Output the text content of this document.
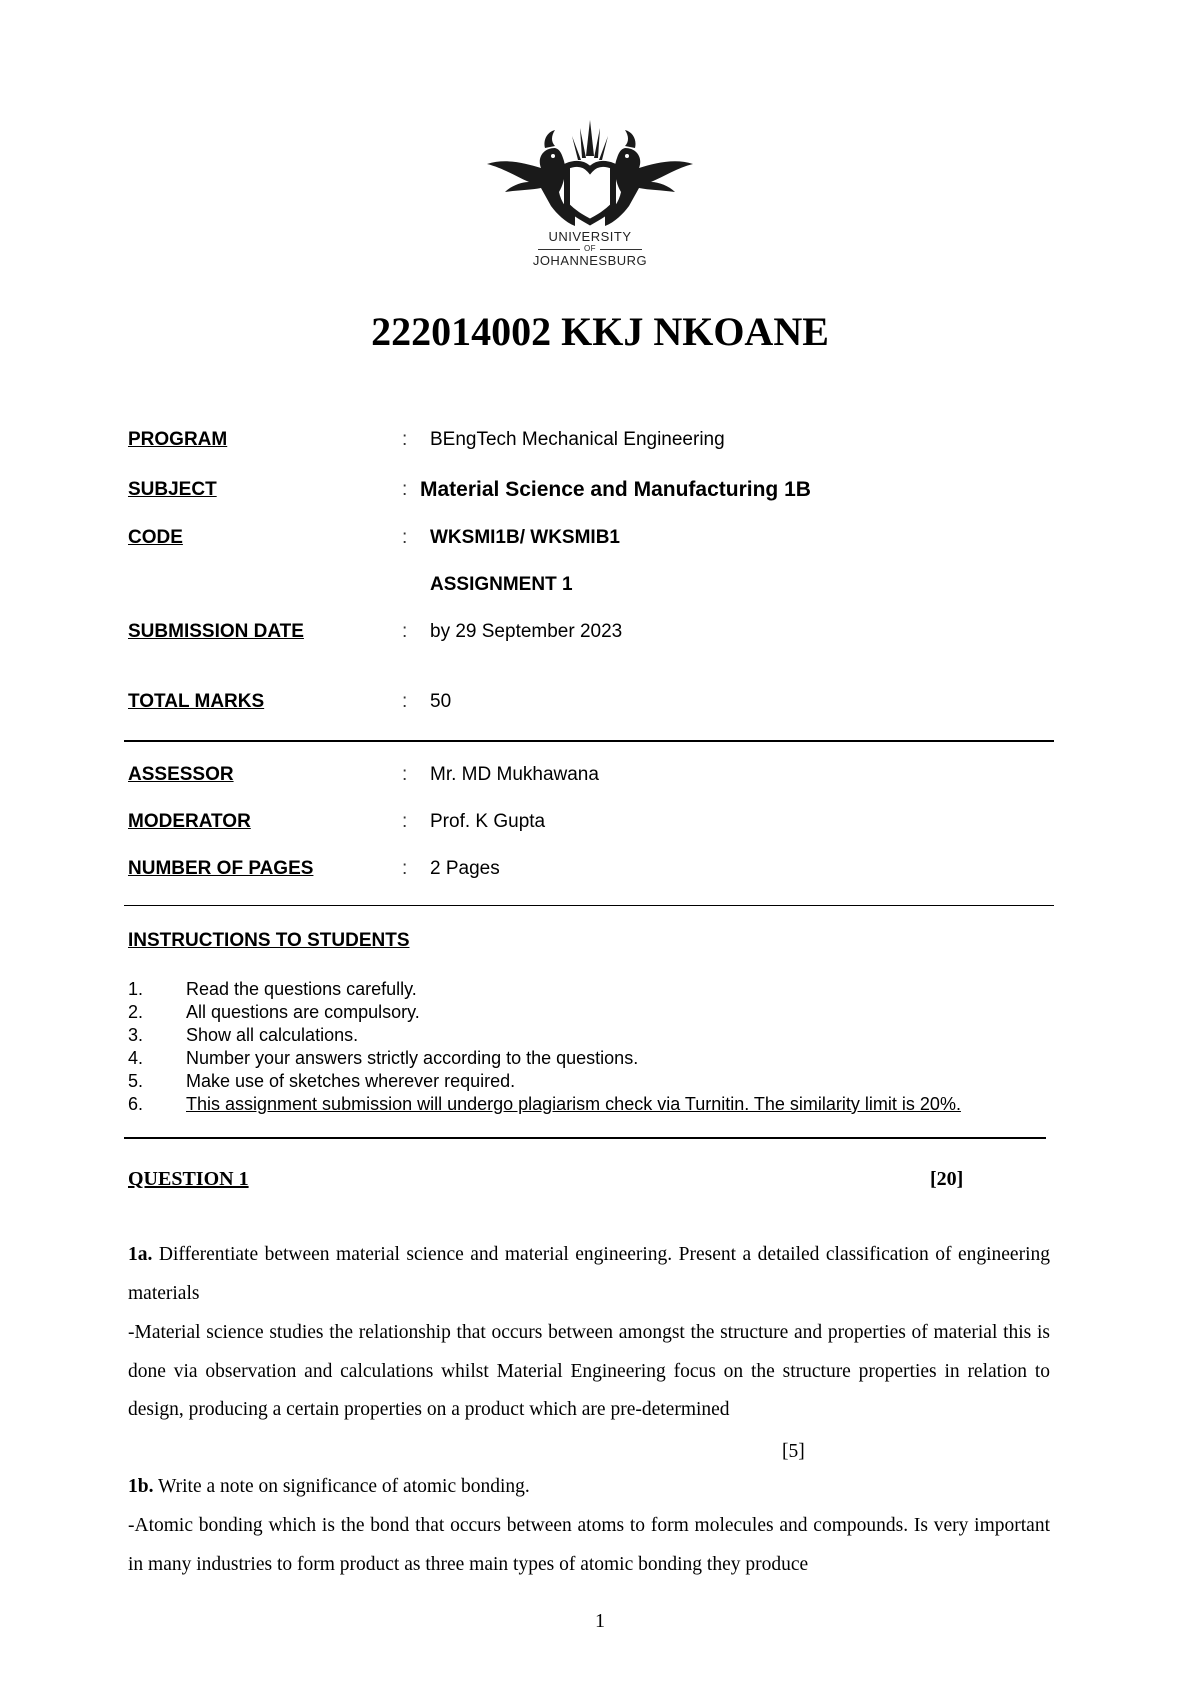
UNIVERSITY
OF
JOHANNESBURG
222014002 KKJ NKOANE
PROGRAM	: BEngTech Mechanical Engineering
SUBJECT	: Material Science and Manufacturing 1B
CODE	: WKSMI1B/ WKSMIB1
ASSIGNMENT 1
SUBMISSION DATE	: by 29 September 2023
TOTAL MARKS	: 50
ASSESSOR	: Mr. MD Mukhawana
MODERATOR	: Prof. K Gupta
NUMBER OF PAGES	: 2 Pages
INSTRUCTIONS TO STUDENTS
1. Read the questions carefully.
2. All questions are compulsory.
3. Show all calculations.
4. Number your answers strictly according to the questions.
5. Make use of sketches wherever required.
6. This assignment submission will undergo plagiarism check via Turnitin. The similarity limit is 20%.
QUESTION 1	[20]
1a. Differentiate between material science and material engineering. Present a detailed classification of engineering materials
-Material science studies the relationship that occurs between amongst the structure and properties of material this is done via observation and calculations whilst Material Engineering focus on the structure properties in relation to design, producing a certain properties on a product which are pre-determined
[5]
1b. Write a note on significance of atomic bonding.
-Atomic bonding which is the bond that occurs between atoms to form molecules and compounds. Is very important in many industries to form product as three main types of atomic bonding they produce
1
